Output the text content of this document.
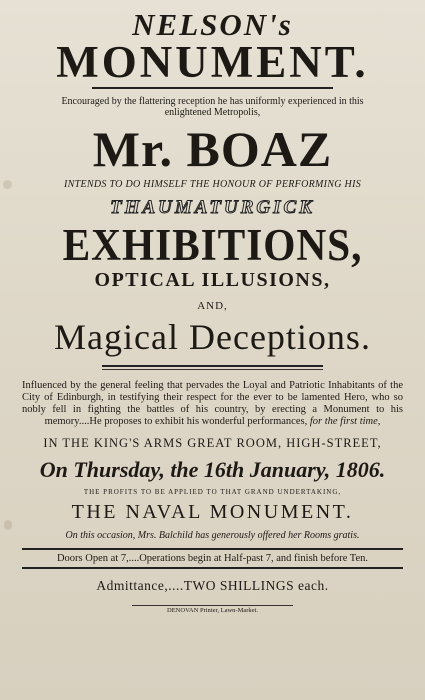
NELSON's
MONUMENT.
Encouraged by the flattering reception he has uniformly experienced in this enlightened Metropolis,
Mr. BOAZ
INTENDS TO DO HIMSELF THE HONOUR OF PERFORMING HIS
THAUMATURGICK
EXHIBITIONS,
OPTICAL ILLUSIONS,
AND,
Magical Deceptions.
Influenced by the general feeling that pervades the Loyal and Patriotic Inhabitants of the City of Edinburgh, in testifying their respect for the ever to be lamented Hero, who so nobly fell in fighting the battles of his country, by erecting a Monument to his memory....He proposes to exhibit his wonderful performances, for the first time,
IN THE KING'S ARMS GREAT ROOM, HIGH-STREET,
On Thursday, the 16th January, 1806.
THE PROFITS TO BE APPLIED TO THAT GRAND UNDERTAKING,
THE NAVAL MONUMENT.
On this occasion, Mrs. Balchild has generously offered her Rooms gratis.
Doors Open at 7,....Operations begin at Half-past 7, and finish before Ten.
Admittance,....TWO SHILLINGS each.
DENOVAN Printer, Lawn-Market.
